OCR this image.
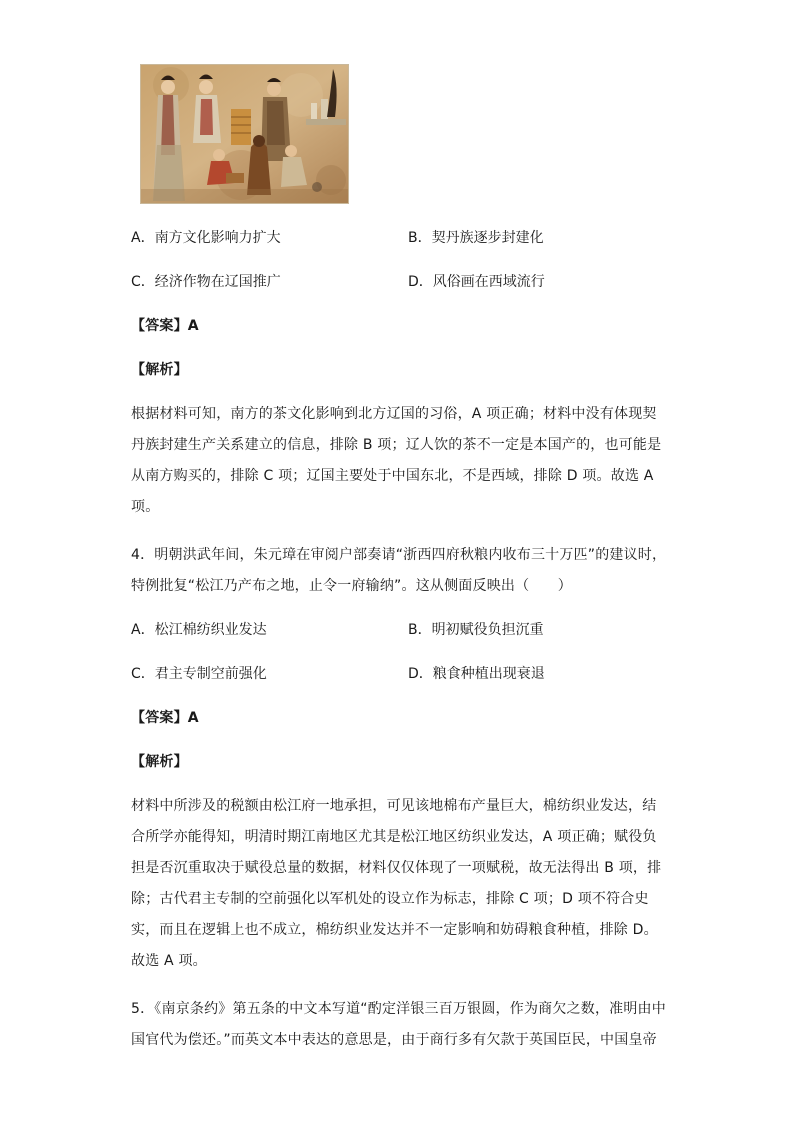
A．南方文化影响力扩大	B．契丹族逐步封建化
C．经济作物在辽国推广	D．风俗画在西域流行
【答案】A
【解析】
根据材料可知，南方的茶文化影响到北方辽国的习俗，A 项正确；材料中没有体现契
丹族封建生产关系建立的信息，排除 B 项；辽人饮的茶不一定是本国产的，也可能是
从南方购买的，排除 C 项；辽国主要处于中国东北，不是西域，排除 D 项。故选 A
项。
4．明朝洪武年间，朱元璋在审阅户部奏请“浙西四府秋粮内收布三十万匹”的建议时，
特例批复“松江乃产布之地，止令一府输纳”。这从侧面反映出（　　）
A．松江棉纺织业发达	B．明初赋役负担沉重
C．君主专制空前强化	D．粮食种植出现衰退
【答案】A
【解析】
材料中所涉及的税额由松江府一地承担，可见该地棉布产量巨大，棉纺织业发达，结
合所学亦能得知，明清时期江南地区尤其是松江地区纺织业发达，A 项正确；赋役负
担是否沉重取决于赋役总量的数据，材料仅仅体现了一项赋税，故无法得出 B 项，排
除；古代君主专制的空前强化以军机处的设立作为标志，排除 C 项；D 项不符合史
实，而且在逻辑上也不成立，棉纺织业发达并不一定影响和妨碍粮食种植，排除 D。
故选 A 项。
5．《南京条约》第五条的中文本写道“酌定洋银三百万银圆，作为商欠之数，准明由中
国官代为偿还。”而英文本中表达的意思是，由于商行多有欠款于英国臣民，中国皇帝
